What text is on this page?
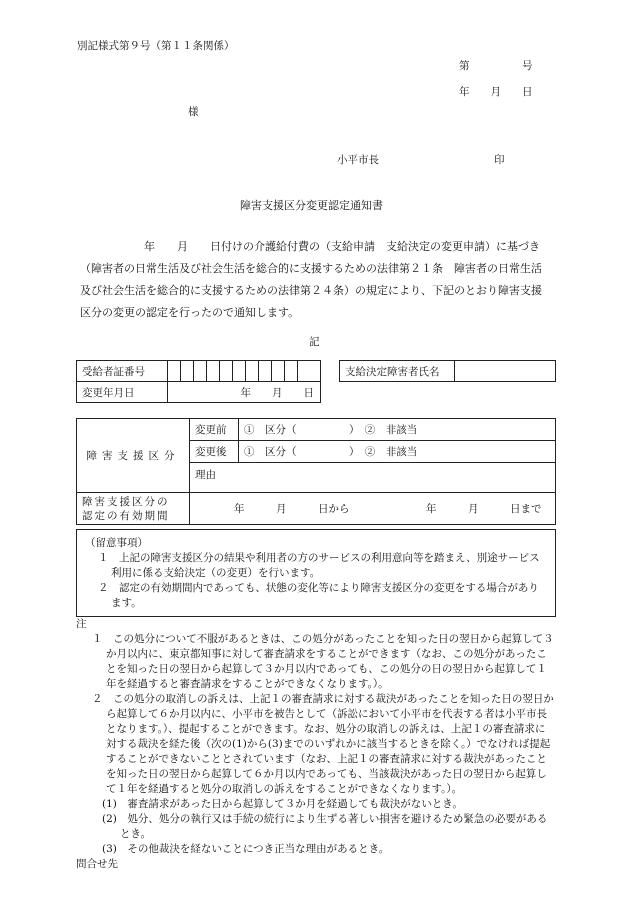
別記様式第９号（第１１条関係）
第　　　　　号
年　　月　　日
様
小平市長	印
障害支援区分変更認定通知書
年　　月　　日付けの介護給付費の（支給申請　支給決定の変更申請）に基づき
（障害者の日常生活及び社会生活を総合的に支援するための法律第２１条　障害者の日常生活
及び社会生活を総合的に支援するための法律第２４条）の規定により、下記のとおり障害支援
区分の変更の認定を行ったので通知します。
記
受給者証番号													支給決定障害者氏名	
変更年月日	年　　月　　日													
障害支援区分	変更前	①　区分（　　　　　）　②　非該当
	変更後	①　区分（　　　　　）　②　非該当
	理由	

障害支援区分の
認定の有効期間	年　　　月　　　日から 年　　　月　　　日まで	
（留意事項）
１　上記の障害支援区分の結果や利用者の方のサービスの利用意向等を踏まえ、別途サービス利用に係る支給決定（の変更）を行います。
２　認定の有効期間内であっても、状態の変化等により障害支援区分の変更をする場合があります。
注
１　この処分について不服があるときは、この処分があったことを知った日の翌日から起算して３か月以内に、東京都知事に対して審査請求をすることができます（なお、この処分があったことを知った日の翌日から起算して３か月以内であっても、この処分の日の翌日から起算して１年を経過すると審査請求をすることができなくなります。）。
２　この処分の取消しの訴えは、上記１の審査請求に対する裁決があったことを知った日の翌日から起算して６か月以内に、小平市を被告として（訴訟において小平市を代表する者は小平市長となります。）、提起することができます。なお、処分の取消しの訴えは、上記１の審査請求に対する裁決を経た後（次の(1)から(3)までのいずれかに該当するときを除く。）でなければ提起することができないこととされています（なお、上記１の審査請求に対する裁決があったことを知った日の翌日から起算して６か月以内であっても、当該裁決があった日の翌日から起算して１年を経過すると処分の取消しの訴えをすることができなくなります。）。
(1)　審査請求があった日から起算して３か月を経過しても裁決がないとき。
(2)　処分、処分の執行又は手続の続行により生ずる著しい損害を避けるため緊急の必要があるとき。
(3)　その他裁決を経ないことにつき正当な理由があるとき。
問合せ先
